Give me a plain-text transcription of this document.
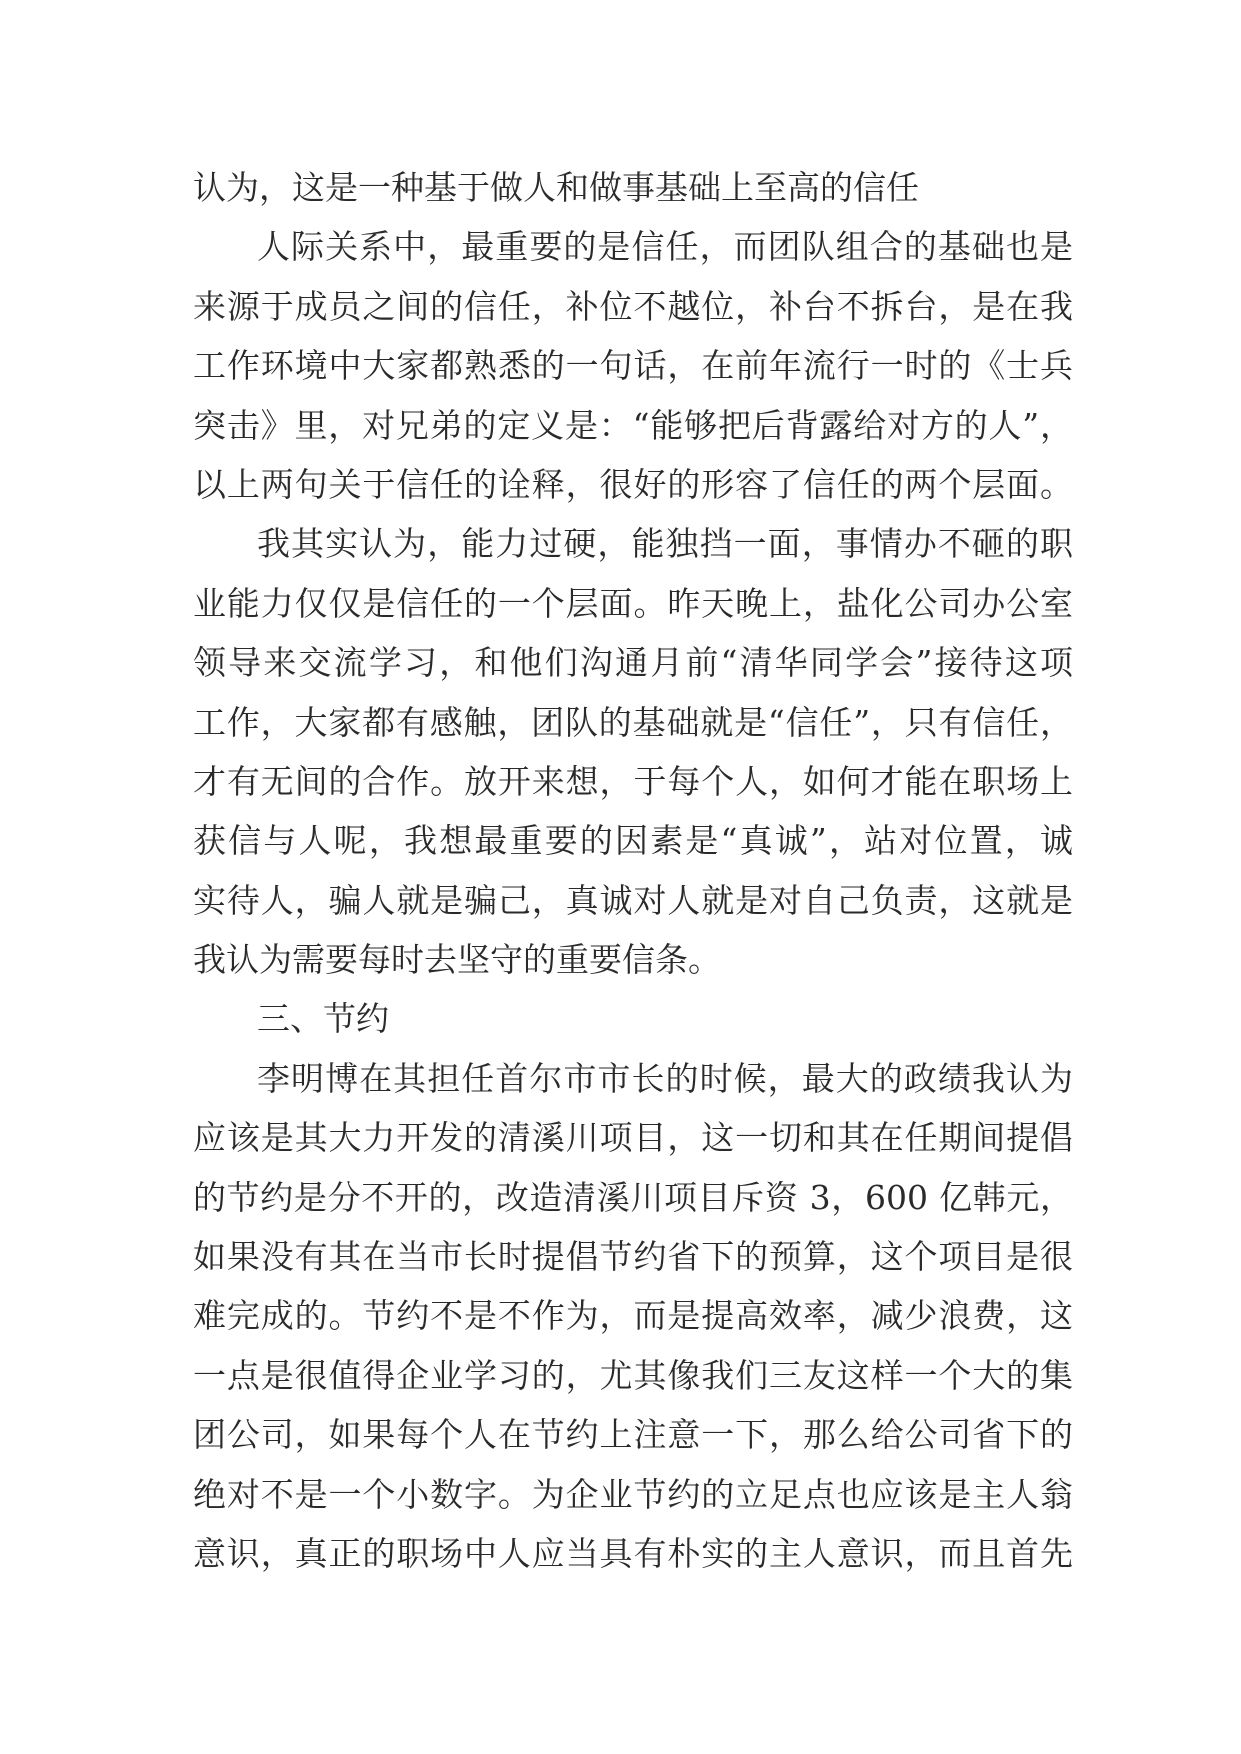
认为，这是一种基于做人和做事基础上至高的信任
人际关系中，最重要的是信任，而团队组合的基础也是
来源于成员之间的信任，补位不越位，补台不拆台，是在我
工作环境中大家都熟悉的一句话，在前年流行一时的《士兵
突击》里，对兄弟的定义是：“能够把后背露给对方的人”，
以上两句关于信任的诠释，很好的形容了信任的两个层面。
我其实认为，能力过硬，能独挡一面，事情办不砸的职
业能力仅仅是信任的一个层面。昨天晚上，盐化公司办公室
领导来交流学习，和他们沟通月前“清华同学会”接待这项
工作，大家都有感触，团队的基础就是“信任”，只有信任，
才有无间的合作。放开来想，于每个人，如何才能在职场上
获信与人呢，我想最重要的因素是“真诚”，站对位置，诚
实待人，骗人就是骗己，真诚对人就是对自己负责，这就是
我认为需要每时去坚守的重要信条。
三、节约
李明博在其担任首尔市市长的时候，最大的政绩我认为
应该是其大力开发的清溪川项目，这一切和其在任期间提倡
的节约是分不开的，改造清溪川项目斥资 3，600 亿韩元，
如果没有其在当市长时提倡节约省下的预算，这个项目是很
难完成的。节约不是不作为，而是提高效率，减少浪费，这
一点是很值得企业学习的，尤其像我们三友这样一个大的集
团公司，如果每个人在节约上注意一下，那么给公司省下的
绝对不是一个小数字。为企业节约的立足点也应该是主人翁
意识，真正的职场中人应当具有朴实的主人意识，而且首先
